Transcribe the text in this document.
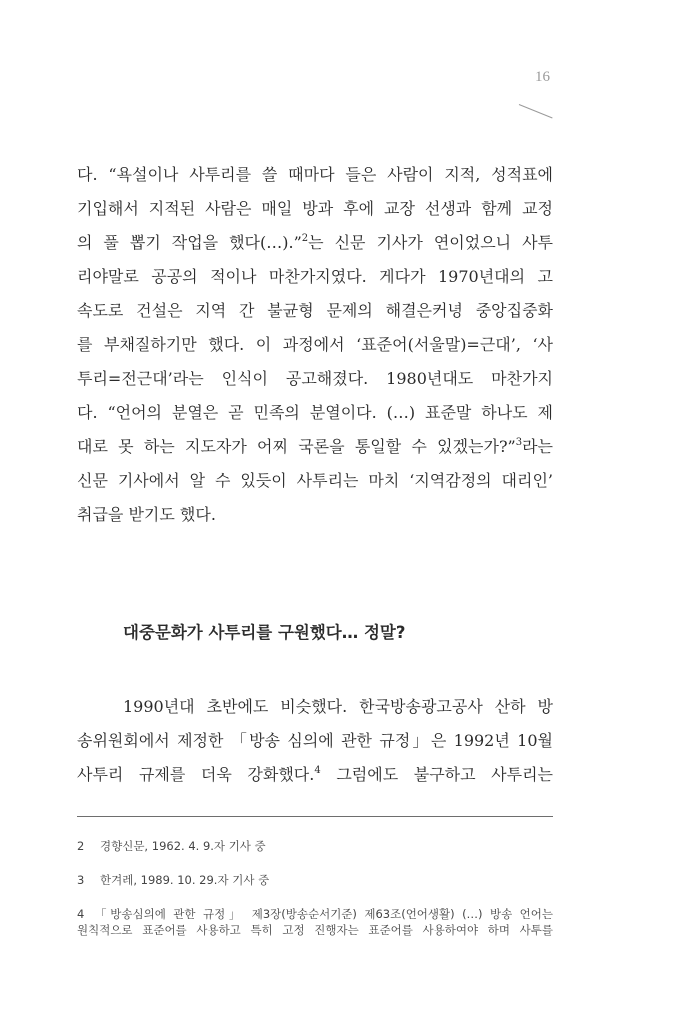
16
다. “욕설이나 사투리를 쓸 때마다 들은 사람이 지적, 성적표에
기입해서 지적된 사람은 매일 방과 후에 교장 선생과 함께 교정
의 풀 뽑기 작업을 했다(…).”$^2$는 신문 기사가 연이었으니 사투
리야말로 공공의 적이나 마찬가지였다. 게다가 1970년대의 고
속도로 건설은 지역 간 불균형 문제의 해결은커녕 중앙집중화
를 부채질하기만 했다. 이 과정에서 ‘표준어(서울말)=근대’, ‘사
투리=전근대’라는 인식이 공고해졌다. 1980년대도 마찬가지
다. “언어의 분열은 곧 민족의 분열이다. (…) 표준말 하나도 제
대로 못 하는 지도자가 어찌 국론을 통일할 수 있겠는가?”$^3$라는
신문 기사에서 알 수 있듯이 사투리는 마치 ‘지역감정의 대리인’
취급을 받기도 했다.
대중문화가 사투리를 구원했다… 정말?
1990년대 초반에도 비슷했다. 한국방송광고공사 산하 방
송위원회에서 제정한 「방송 심의에 관한 규정」은 1992년 10월
사투리 규제를 더욱 강화했다.$^4$ 그럼에도 불구하고 사투리는
2	경향신문, 1962. 4. 9.자 기사 중
3	한겨레, 1989. 10. 29.자 기사 중
4 「방송심의에 관한 규정」 제3장(방송순서기준) 제63조(언어생활) (…) 방송 언어는
원칙적으로 표준어를 사용하고 특히 고정 진행자는 표준어를 사용하여야 하며 사투를
